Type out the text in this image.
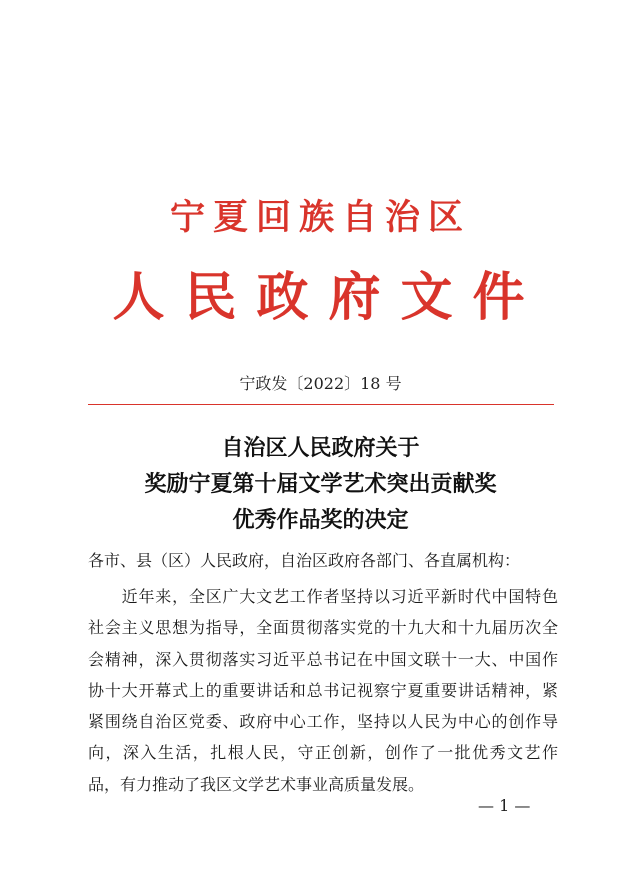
宁夏回族自治区
人民政府文件
宁政发〔2022〕18 号
自治区人民政府关于
奖励宁夏第十届文学艺术突出贡献奖
优秀作品奖的决定
各市、县（区）人民政府，自治区政府各部门、各直属机构：
　　近年来，全区广大文艺工作者坚持以习近平新时代中国特色
社会主义思想为指导，全面贯彻落实党的十九大和十九届历次全
会精神，深入贯彻落实习近平总书记在中国文联十一大、中国作
协十大开幕式上的重要讲话和总书记视察宁夏重要讲话精神，紧
紧围绕自治区党委、政府中心工作，坚持以人民为中心的创作导
向，深入生活，扎根人民，守正创新，创作了一批优秀文艺作
品，有力推动了我区文学艺术事业高质量发展。
— 1 —
